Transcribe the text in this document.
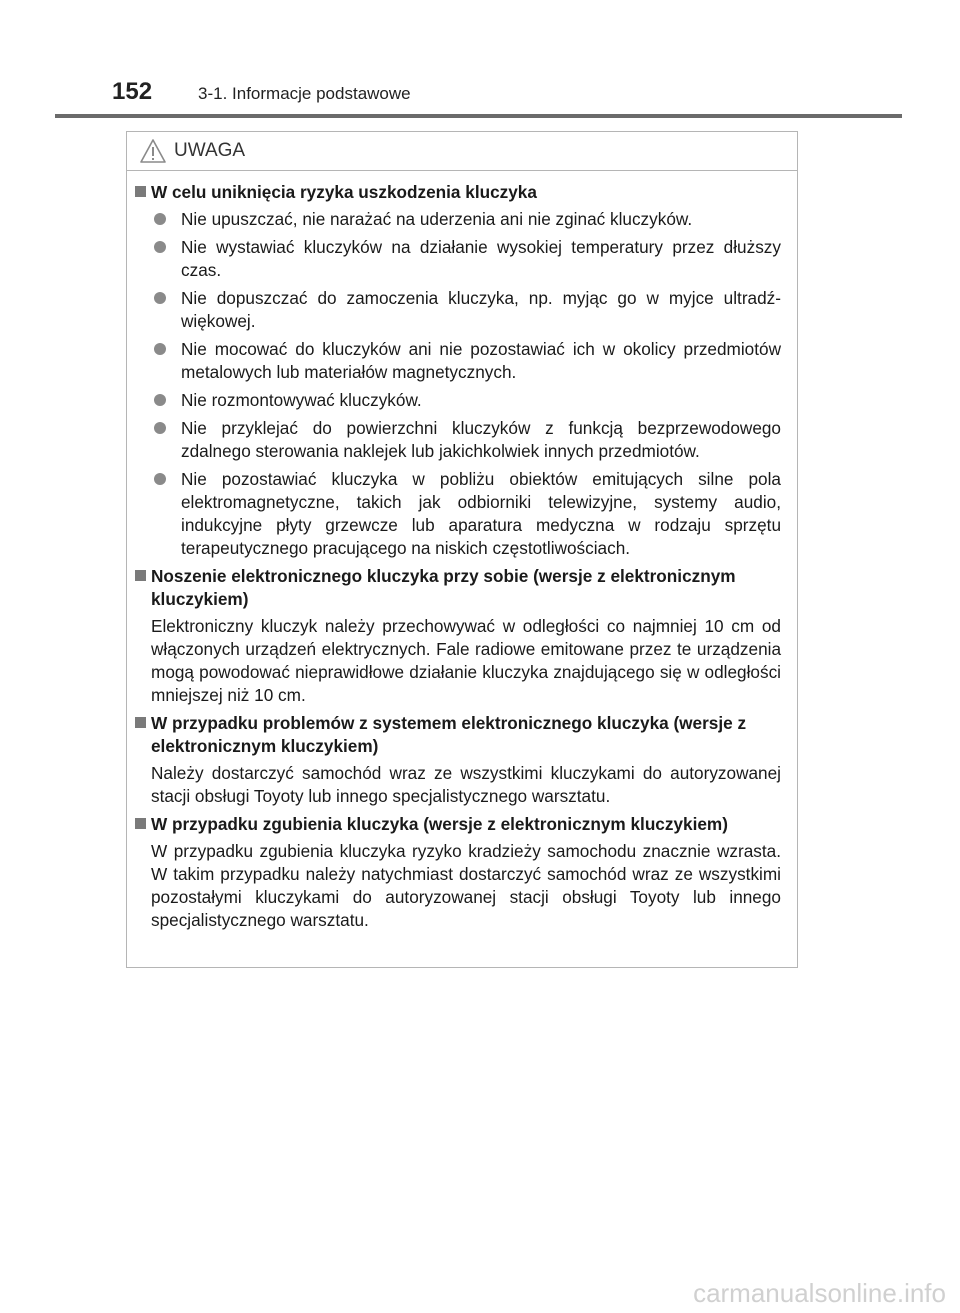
152	3-1. Informacje podstawowe
UWAGA
W celu uniknięcia ryzyka uszkodzenia kluczyka
Nie upuszczać, nie narażać na uderzenia ani nie zginać kluczyków.
Nie wystawiać kluczyków na działanie wysokiej temperatury przez dłuższy czas.
Nie dopuszczać do zamoczenia kluczyka, np. myjąc go w myjce ultradźwiękowej.
Nie mocować do kluczyków ani nie pozostawiać ich w okolicy przedmiotów metalowych lub materiałów magnetycznych.
Nie rozmontowywać kluczyków.
Nie przyklejać do powierzchni kluczyków z funkcją bezprzewodowego zdalnego sterowania naklejek lub jakichkolwiek innych przedmiotów.
Nie pozostawiać kluczyka w pobliżu obiektów emitujących silne pola elektromagnetyczne, takich jak odbiorniki telewizyjne, systemy audio, indukcyjne płyty grzewcze lub aparatura medyczna w rodzaju sprzętu terapeutycznego pracującego na niskich częstotliwościach.
Noszenie elektronicznego kluczyka przy sobie (wersje z elektronicznym kluczykiem)
Elektroniczny kluczyk należy przechowywać w odległości co najmniej 10 cm od włączonych urządzeń elektrycznych. Fale radiowe emitowane przez te urządzenia mogą powodować nieprawidłowe działanie kluczyka znajdującego się w odległości mniejszej niż 10 cm.
W przypadku problemów z systemem elektronicznego kluczyka (wersje z elektronicznym kluczykiem)
Należy dostarczyć samochód wraz ze wszystkimi kluczykami do autoryzowanej stacji obsługi Toyoty lub innego specjalistycznego warsztatu.
W przypadku zgubienia kluczyka (wersje z elektronicznym kluczykiem)
W przypadku zgubienia kluczyka ryzyko kradzieży samochodu znacznie wzrasta. W takim przypadku należy natychmiast dostarczyć samochód wraz ze wszystkimi pozostałymi kluczykami do autoryzowanej stacji obsługi Toyoty lub innego specjalistycznego warsztatu.
carmanualsonline.info
